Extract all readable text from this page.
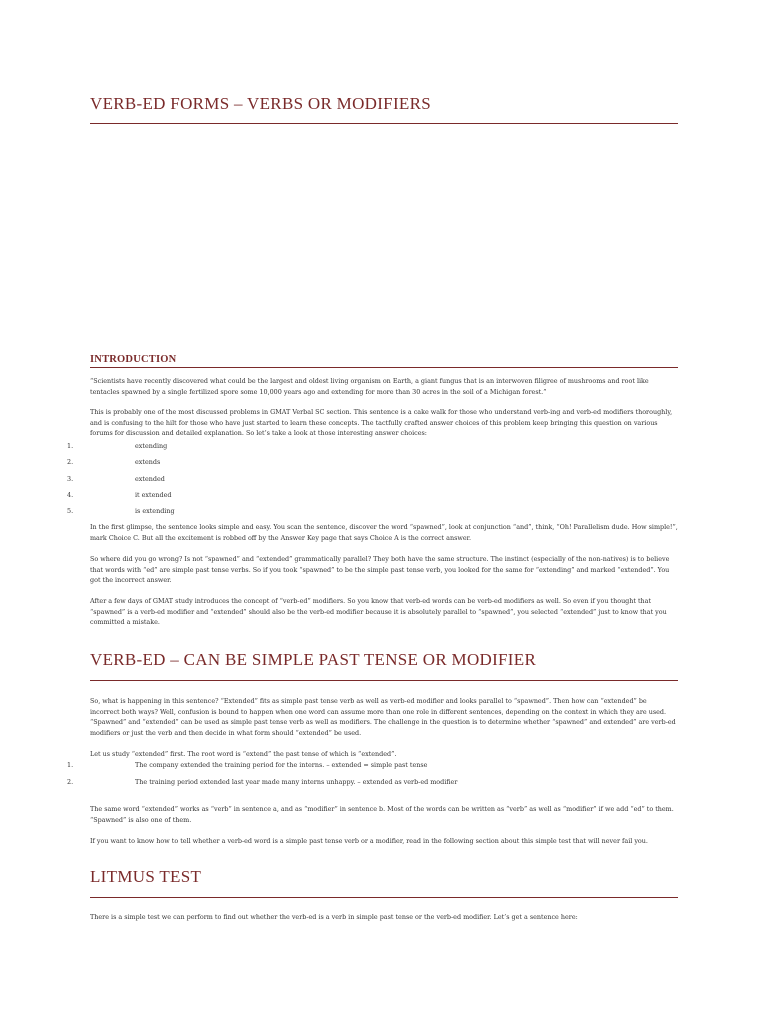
VERB-ED FORMS – VERBS OR MODIFIERS
INTRODUCTION

“Scientists have recently discovered what could be the largest and oldest living organism on Earth, a giant fungus that is an interwoven filigree of mushrooms and root like tentacles spawned by a single fertilized spore some 10,000 years ago and extending for more than 30 acres in the soil of a Michigan forest.”

This is probably one of the most discussed problems in GMAT Verbal SC section. This sentence is a cake walk for those who understand verb-ing and verb-ed modifiers thoroughly, and is confusing to the hilt for those who have just started to learn these concepts. The tactfully crafted answer choices of this problem keep bringing this question on various forums for discussion and detailed explanation. So let’s take a look at those interesting answer choices:

1.	extending
2.	extends
3.	extended
4.	it extended
5.	is extending

In the first glimpse, the sentence looks simple and easy. You scan the sentence, discover the word “spawned”, look at conjunction “and”, think, “Oh! Parallelism dude. How simple!”, mark Choice C. But all the excitement is robbed off by the Answer Key page that says Choice A is the correct answer.

So where did you go wrong? Is not “spawned” and “extended” grammatically parallel? They both have the same structure. The instinct (especially of the non-natives) is to believe that words with “ed” are simple past tense verbs. So if you took “spawned” to be the simple past tense verb, you looked for the same for “extending” and marked “extended”. You got the incorrect answer.

After a few days of GMAT study introduces the concept of “verb-ed” modifiers. So you know that verb-ed words can be verb-ed modifiers as well. So even if you thought that “spawned” is a verb-ed modifier and “extended” should also be the verb-ed modifier because it is absolutely parallel to “spawned”, you selected “extended” just to know that you committed a mistake.

VERB-ED – CAN BE SIMPLE PAST TENSE OR MODIFIER

So, what is happening in this sentence? “Extended” fits as simple past tense verb as well as verb-ed modifier and looks parallel to “spawned”. Then how can “extended” be incorrect both ways? Well, confusion is bound to happen when one word can assume more than one role in different sentences, depending on the context in which they are used. “Spawned” and “extended” can be used as simple past tense verb as well as modifiers. The challenge in the question is to determine whether “spawned” and extended” are verb-ed modifiers or just the verb and then decide in what form should “extended” be used.

Let us study “extended” first. The root word is “extend” the past tense of which is “extended”.

1.	The company extended the training period for the interns. – extended = simple past tense
2.	The training period extended last year made many interns unhappy. – extended as verb-ed modifier

The same word “extended” works as “verb” in sentence a, and as “modifier” in sentence b. Most of the words can be written as “verb” as well as “modifier” if we add “ed” to them. “Spawned” is also one of them.

If you want to know how to tell whether a verb-ed word is a simple past tense verb or a modifier, read in the following section about this simple test that will never fail you.

LITMUS TEST

There is a simple test we can perform to find out whether the verb-ed is a verb in simple past tense or the verb-ed modifier. Let’s get a sentence here:
